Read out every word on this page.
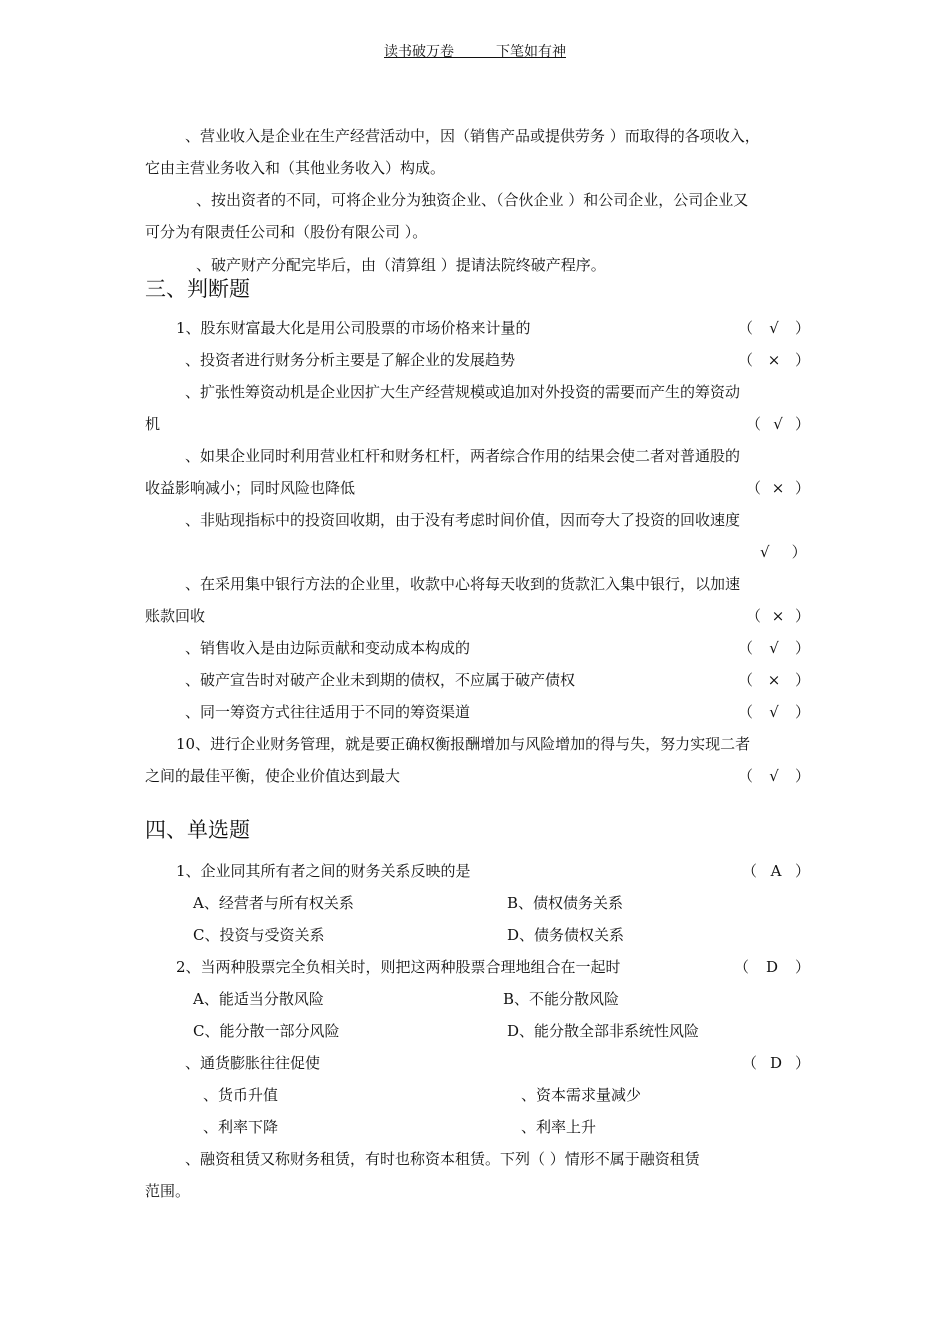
读书破万卷＿＿＿下笔如有神
、营业收入是企业在生产经营活动中，因（销售产品或提供劳务 ）而取得的各项收入，
它由主营业务收入和（其他业务收入）构成。
、按出资者的不同，可将企业分为独资企业、（合伙企业 ）和公司企业，公司企业又
可分为有限责任公司和（股份有限公司 ）。
、破产财产分配完毕后，由（清算组 ）提请法院终破产程序。
三、判断题
1、股东财富最大化是用公司股票的市场价格来计量的	（	√	）
、投资者进行财务分析主要是了解企业的发展趋势	（ × ）
、扩张性筹资动机是企业因扩大生产经营规模或追加对外投资的需要而产生的筹资动
机	（ √ ）
、如果企业同时利用营业杠杆和财务杠杆，两者综合作用的结果会使二者对普通股的
收益影响减小；同时风险也降低	（ × ）
、非贴现指标中的投资回收期，由于没有考虑时间价值，因而夸大了投资的回收速度
√ ）
、在采用集中银行方法的企业里，收款中心将每天收到的货款汇入集中银行，以加速
账款回收	（ × ）
、销售收入是由边际贡献和变动成本构成的	（	√	）
、破产宣告时对破产企业未到期的债权，不应属于破产债权	（ × ）
、同一筹资方式往往适用于不同的筹资渠道	（	√	）
10、进行企业财务管理，就是要正确权衡报酬增加与风险增加的得与失，努力实现二者
之间的最佳平衡，使企业价值达到最大	（	√	）
四、单选题
1、企业同其所有者之间的财务关系反映的是	（ A ）
A、经营者与所有权关系	B、债权债务关系
C、投资与受资关系	D、债务债权关系
2、当两种股票完全负相关时，则把这两种股票合理地组合在一起时	（	D	）
A、能适当分散风险	B、不能分散风险
C、能分散一部分风险	D、能分散全部非系统性风险
、通货膨胀往往促使	（ D ）
、货币升值	、资本需求量减少
、利率下降	、利率上升
、融资租赁又称财务租赁，有时也称资本租赁。下列（ ）情形不属于融资租赁
范围。
